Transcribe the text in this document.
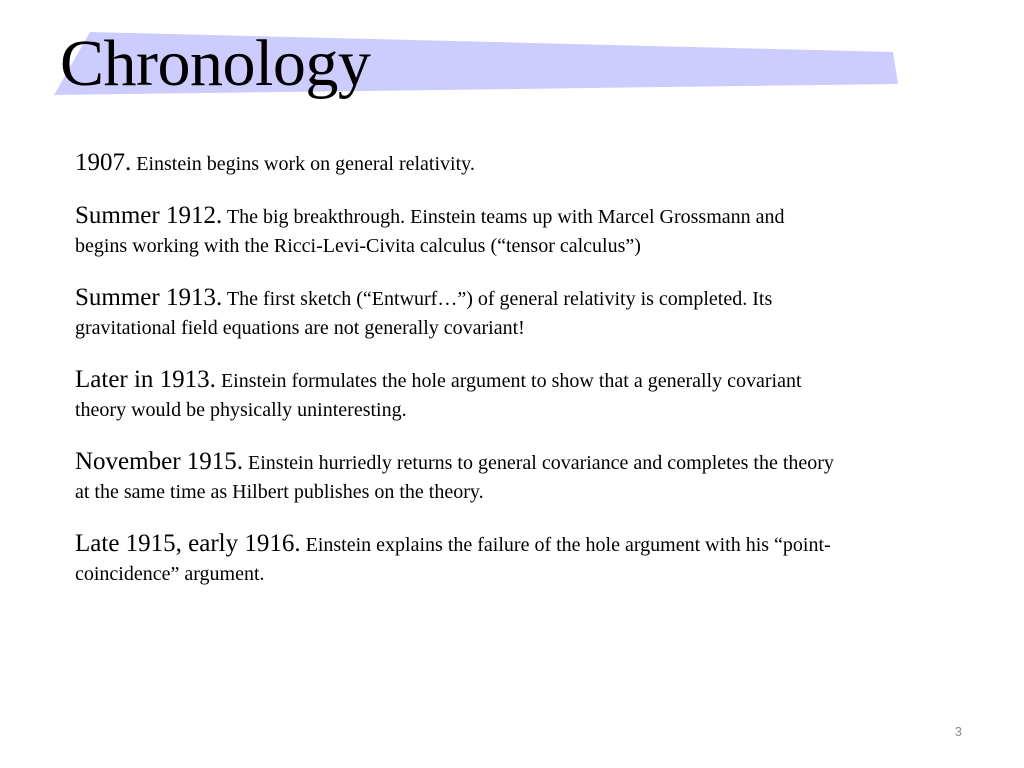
Chronology

1907. Einstein begins work on general relativity.

Summer 1912. The big breakthrough. Einstein teams up with Marcel Grossmann and begins working with the Ricci-Levi-Civita calculus (“tensor calculus”)

Summer 1913. The first sketch (“Entwurf…”) of general relativity is completed. Its gravitational field equations are not generally covariant!

Later in 1913. Einstein formulates the hole argument to show that a generally covariant theory would be physically uninteresting.

November 1915. Einstein hurriedly returns to general covariance and completes the theory at the same time as Hilbert publishes on the theory.

Late 1915, early 1916. Einstein explains the failure of the hole argument with his “point-coincidence” argument.

3
